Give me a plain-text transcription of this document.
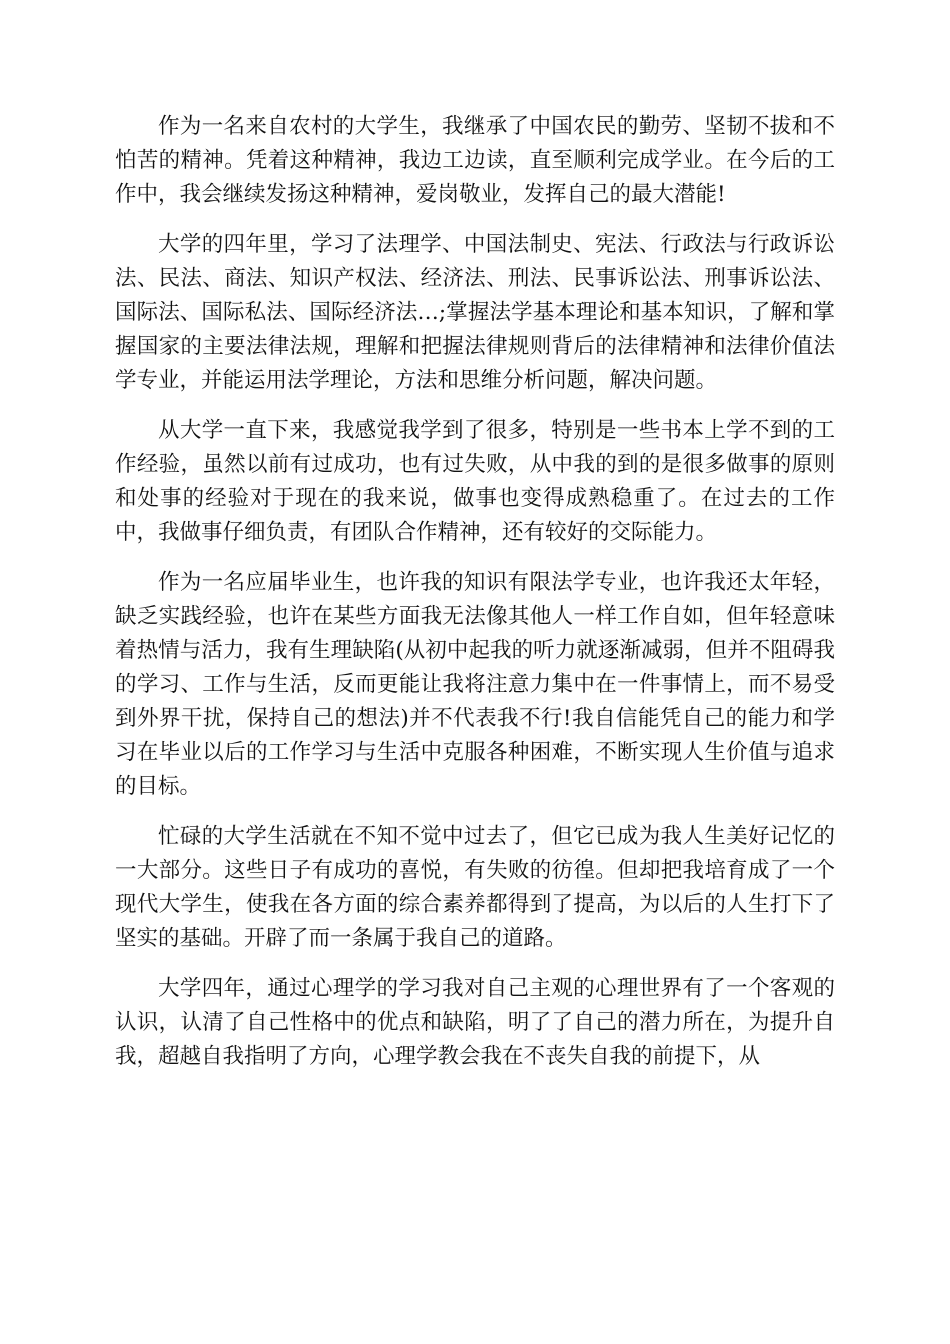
作为一名来自农村的大学生，我继承了中国农民的勤劳、坚韧不拔和不怕苦的精神。凭着这种精神，我边工边读，直至顺利完成学业。在今后的工作中，我会继续发扬这种精神，爱岗敬业，发挥自己的最大潜能!

大学的四年里，学习了法理学、中国法制史、宪法、行政法与行政诉讼法、民法、商法、知识产权法、经济法、刑法、民事诉讼法、刑事诉讼法、国际法、国际私法、国际经济法…;掌握法学基本理论和基本知识，了解和掌握国家的主要法律法规，理解和把握法律规则背后的法律精神和法律价值法学专业，并能运用法学理论，方法和思维分析问题，解决问题。

从大学一直下来，我感觉我学到了很多，特别是一些书本上学不到的工作经验，虽然以前有过成功，也有过失败，从中我的到的是很多做事的原则和处事的经验对于现在的我来说，做事也变得成熟稳重了。在过去的工作中，我做事仔细负责，有团队合作精神，还有较好的交际能力。

作为一名应届毕业生，也许我的知识有限法学专业，也许我还太年轻，缺乏实践经验，也许在某些方面我无法像其他人一样工作自如，但年轻意味着热情与活力，我有生理缺陷(从初中起我的听力就逐渐减弱，但并不阻碍我的学习、工作与生活，反而更能让我将注意力集中在一件事情上，而不易受到外界干扰，保持自己的想法)并不代表我不行!我自信能凭自己的能力和学习在毕业以后的工作学习与生活中克服各种困难，不断实现人生价值与追求的目标。

忙碌的大学生活就在不知不觉中过去了，但它已成为我人生美好记忆的一大部分。这些日子有成功的喜悦，有失败的彷徨。但却把我培育成了一个现代大学生，使我在各方面的综合素养都得到了提高，为以后的人生打下了坚实的基础。开辟了而一条属于我自己的道路。

大学四年，通过心理学的学习我对自己主观的心理世界有了一个客观的认识，认清了自己性格中的优点和缺陷，明了了自己的潜力所在，为提升自我，超越自我指明了方向，心理学教会我在不丧失自我的前提下，从
